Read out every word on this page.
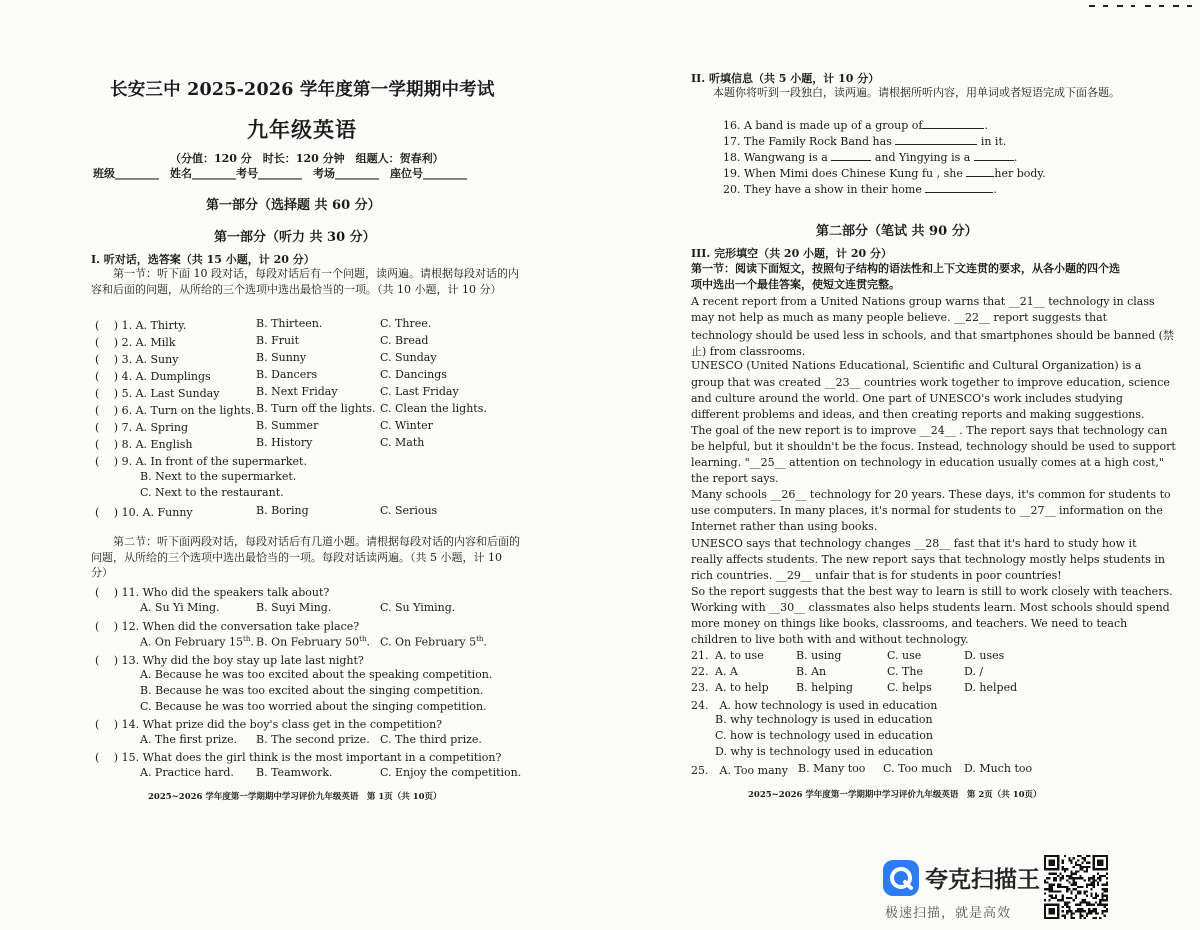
长安三中 2025-2026 学年度第一学期期中考试
九年级英语
（分值：120 分　时长：120 分钟　组题人：贺春利）
班级________　姓名________考号________　考场________　座位号________
第一部分（选择题 共 60 分）
第一部分（听力 共 30 分）
I. 听对话，选答案（共 15 小题，计 20 分）
第一节：听下面 10 段对话，每段对话后有一个问题，读两遍。请根据每段对话的内容和后面的问题，从所给的三个选项中选出最恰当的一项。（共 10 小题，计 10 分）
(　 ) 1. A. Thirty.	B. Thirteen.	C. Three.
(　 ) 2. A. Milk	B. Fruit	C. Bread
(　 ) 3. A. Suny	B. Sunny	C. Sunday
(　 ) 4. A. Dumplings	B. Dancers	C. Dancings
(　 ) 5. A. Last Sunday	B. Next Friday	C. Last Friday
(　 ) 6. A. Turn on the lights. B. Turn off the lights. C. Clean the lights.
(　 ) 7. A. Spring	B. Summer	C. Winter
(　 ) 8. A. English	B. History	C. Math
(　 ) 9. A. In front of the supermarket.
B. Next to the supermarket.
C. Next to the restaurant.
(　 ) 10. A. Funny	B. Boring	C. Serious
第二节：听下面两段对话，每段对话后有几道小题。请根据每段对话的内容和后面的问题，从所给的三个选项中选出最恰当的一项。每段对话读两遍。（共 5 小题，计 10 分）
(　 ) 11. Who did the speakers talk about?
A. Su Yi Ming.	B. Suyi Ming.	C. Su Yiming.
(　 ) 12. When did the conversation take place?
A. On February 15th. B. On February 50th. C. On February 5th.
(　 ) 13. Why did the boy stay up late last night?
A. Because he was too excited about the speaking competition.
B. Because he was too excited about the singing competition.
C. Because he was too worried about the singing competition.
(　 ) 14. What prize did the boy's class get in the competition?
A. The first prize. B. The second prize. C. The third prize.
(　 ) 15. What does the girl think is the most important in a competition?
A. Practice hard. B. Teamwork.	C. Enjoy the competition.
2025~2026 学年度第一学期期中学习评价九年级英语　第 1页（共 10页）
II. 听填信息（共 5 小题，计 10 分）
本题你将听到一段独白，读两遍。请根据所听内容，用单词或者短语完成下面各题。
16. A band is made up of a group of	.
17. The Family Rock Band has	in it.
18. Wangwang is a	and Yingying is a	.
19. When Mimi does Chinese Kung fu , she	her body.
20. They have a show in their home	.
第二部分（笔试 共 90 分）
III. 完形填空（共 20 小题，计 20 分）
第一节：阅读下面短文，按照句子结构的语法性和上下文连贯的要求，从各小题的四个选项中选出一个最佳答案，使短文连贯完整。
A recent report from a United Nations group warns that __21__ technology in class
may not help as much as many people believe. __22__ report suggests that
technology should be used less in schools, and that smartphones should be banned (禁
止) from classrooms.
UNESCO (United Nations Educational, Scientific and Cultural Organization) is a
group that was created __23__ countries work together to improve education, science
and culture around the world. One part of UNESCO's work includes studying
different problems and ideas, and then creating reports and making suggestions.
The goal of the new report is to improve __24__ . The report says that technology can
be helpful, but it shouldn't be the focus. Instead, technology should be used to support
learning. "__25__ attention on technology in education usually comes at a high cost,"
the report says.
Many schools __26__ technology for 20 years. These days, it's common for students to
use computers. In many places, it's normal for students to __27__ information on the
Internet rather than using books.
UNESCO says that technology changes __28__ fast that it's hard to study how it
really affects students. The new report says that technology mostly helps students in
rich countries. __29__ unfair that is for students in poor countries!
So the report suggests that the best way to learn is still to work closely with teachers.
Working with __30__ classmates also helps students learn. Most schools should spend
more money on things like books, classrooms, and teachers. We need to teach
children to live both with and without technology.
21. A. to use	B. using	C. use	D. uses
22. A. A	B. An	C. The	D. /
23. A. to help B. helping	C. helps	D. helped
24.　 A. how technology is used in education
B. why technology is used in education
C. how is technology used in education
D. why is technology used in education
25.　 A. Too many B. Many too C. Too much D. Much too
2025~2026 学年度第一学期期中学习评价九年级英语　第 2页（共 10页）
夸克扫描王
极速扫描，就是高效
